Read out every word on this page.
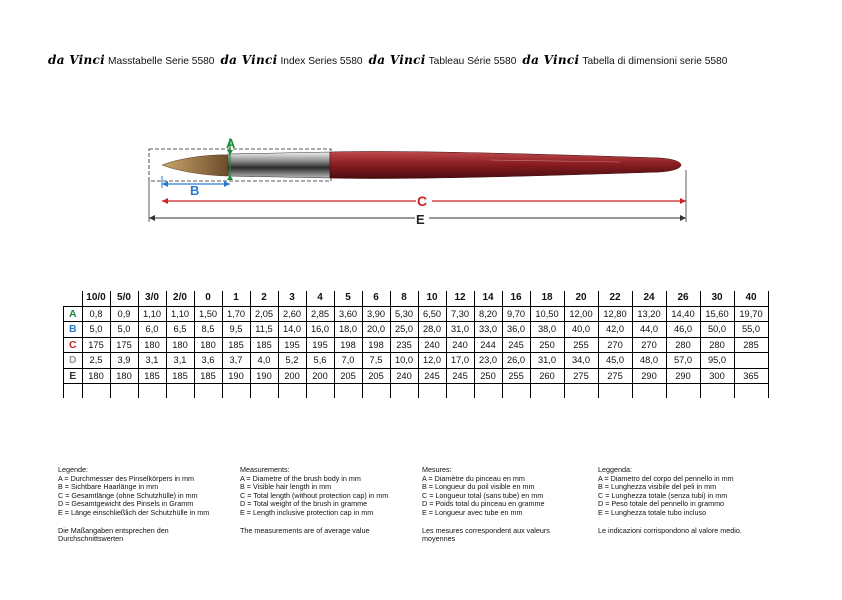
da Vinci Masstabelle Serie 5580 da Vinci Index Series 5580 da Vinci Tableau Série 5580 da Vinci Tabella di dimensioni serie 5580
A
B
C
E
	10/0	5/0	3/0	2/0	0	1	2	3	4	5	6	8	10	12	14	16	18	20	22	24	26	30	40
A	0,8	0,9	1,10	1,10	1,50	1,70	2,05	2,60	2,85	3,60	3,90	5,30	6,50	7,30	8,20	9,70	10,50	12,00	12,80	13,20	14,40	15,60	19,70
B	5,0	5,0	6,0	6,5	8,5	9,5	11,5	14,0	16,0	18,0	20,0	25,0	28,0	31,0	33,0	36,0	38,0	40,0	42,0	44,0	46,0	50,0	55,0
C	175	175	180	180	180	185	185	195	195	198	198	235	240	240	244	245	250	255	270	270	280	280	285
D	2,5	3,9	3,1	3,1	3,6	3,7	4,0	5,2	5,6	7,0	7,5	10,0	12,0	17,0	23,0	26,0	31,0	34,0	45,0	48,0	57,0	95,0	
E	180	180	185	185	185	190	190	200	200	205	205	240	245	245	250	255	260	275	275	290	290	300	365

Legende:
A = Durchmesser des Pinselkörpers in mm
B = Sichtbare Haarlänge in mm
C = Gesamtlänge (ohne Schutzhülle) in mm
D = Gesamtgewicht des Pinsels in Gramm
E = Länge einschließlich der Schutzhülle in mm
Die Maßangaben entsprechen den Durchschnittswerten
Measurements:
A = Diametre of the brush body in mm
B = Visible hair length in mm
C = Total length (without protection cap) in mm
D = Total weight of the brush in gramme
E = Length inclusive protection cap in mm
The measurements are of average value
Mesures:
A = Diamètre du pinceau en mm
B = Longueur du poil visible en mm
C = Longueur total (sans tube) en mm
D = Poids total du pinceau en gramme
E = Longueur avec tube en mm
Les mesures correspondent aux valeurs moyennes
Leggenda:
A = Diametro del corpo del pennello in mm
B = Lunghezza visibile del peli in mm
C = Lunghezza totale (senza tubi) in mm
D = Peso totale del pennello in grammo
E = Lunghezza totale tubo incluso
Le indicazioni corrispondono al valore medio.
